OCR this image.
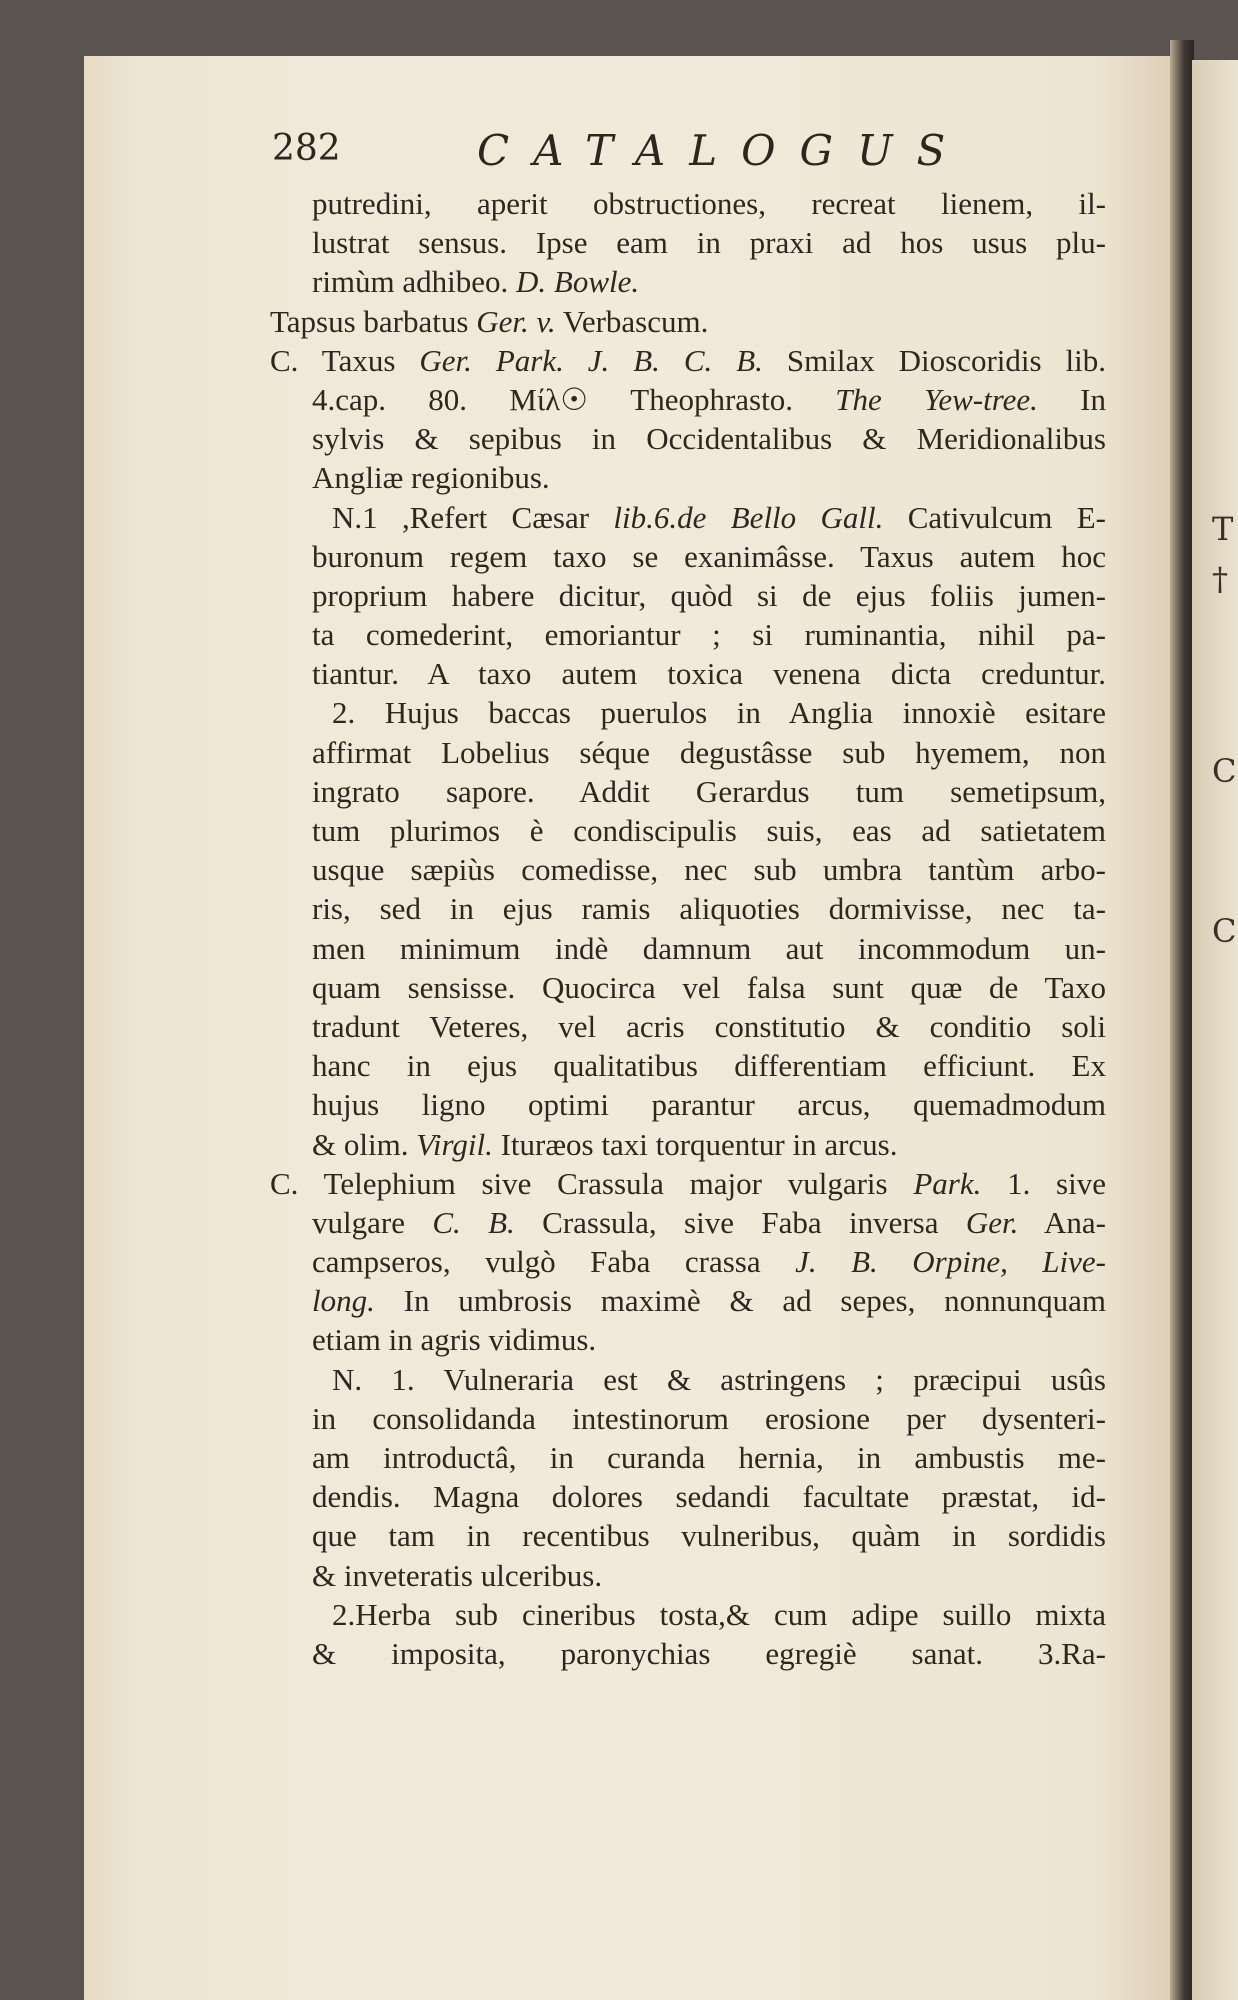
T
†
C
C
282	CATALOGUS
putredini, aperit obstructiones, recreat lienem, il-
lustrat sensus. Ipse eam in praxi ad hos usus plu-
rimùm adhibeo. D. Bowle.
Tapsus barbatus Ger. v. Verbascum.
C. Taxus Ger. Park. J. B. C. B. Smilax Dioscoridis lib.
4.cap. 80. Μίλ☉ Theophrasto. The Yew-tree. In
sylvis & sepibus in Occidentalibus & Meridionalibus
Angliæ regionibus.
N.1 ,Refert Cæsar lib.6.de Bello Gall. Cativulcum E-
buronum regem taxo se exanimâsse. Taxus autem hoc
proprium habere dicitur, quòd si de ejus foliis jumen-
ta comederint, emoriantur ; si ruminantia, nihil pa-
tiantur. A taxo autem toxica venena dicta creduntur.
2. Hujus baccas puerulos in Anglia innoxiè esitare
affirmat Lobelius séque degustâsse sub hyemem, non
ingrato sapore. Addit Gerardus tum semetipsum,
tum plurimos è condiscipulis suis, eas ad satietatem
usque sæpiùs comedisse, nec sub umbra tantùm arbo-
ris, sed in ejus ramis aliquoties dormivisse, nec ta-
men minimum indè damnum aut incommodum un-
quam sensisse. Quocirca vel falsa sunt quæ de Taxo
tradunt Veteres, vel acris constitutio & conditio soli
hanc in ejus qualitatibus differentiam efficiunt. Ex
hujus ligno optimi parantur arcus, quemadmodum
& olim. Virgil. Ituræos taxi torquentur in arcus.
C. Telephium sive Crassula major vulgaris Park. 1. sive
vulgare C. B. Crassula, sive Faba inversa Ger. Ana-
campseros, vulgò Faba crassa J. B. Orpine, Live-
long. In umbrosis maximè & ad sepes, nonnunquam
etiam in agris vidimus.
N. 1. Vulneraria est & astringens ; præcipui usûs
in consolidanda intestinorum erosione per dysenteri-
am introductâ, in curanda hernia, in ambustis me-
dendis. Magna dolores sedandi facultate præstat, id-
que tam in recentibus vulneribus, quàm in sordidis
& inveteratis ulceribus.
2.Herba sub cineribus tosta,& cum adipe suillo mixta
& imposita, paronychias egregiè sanat. 3.Ra-
